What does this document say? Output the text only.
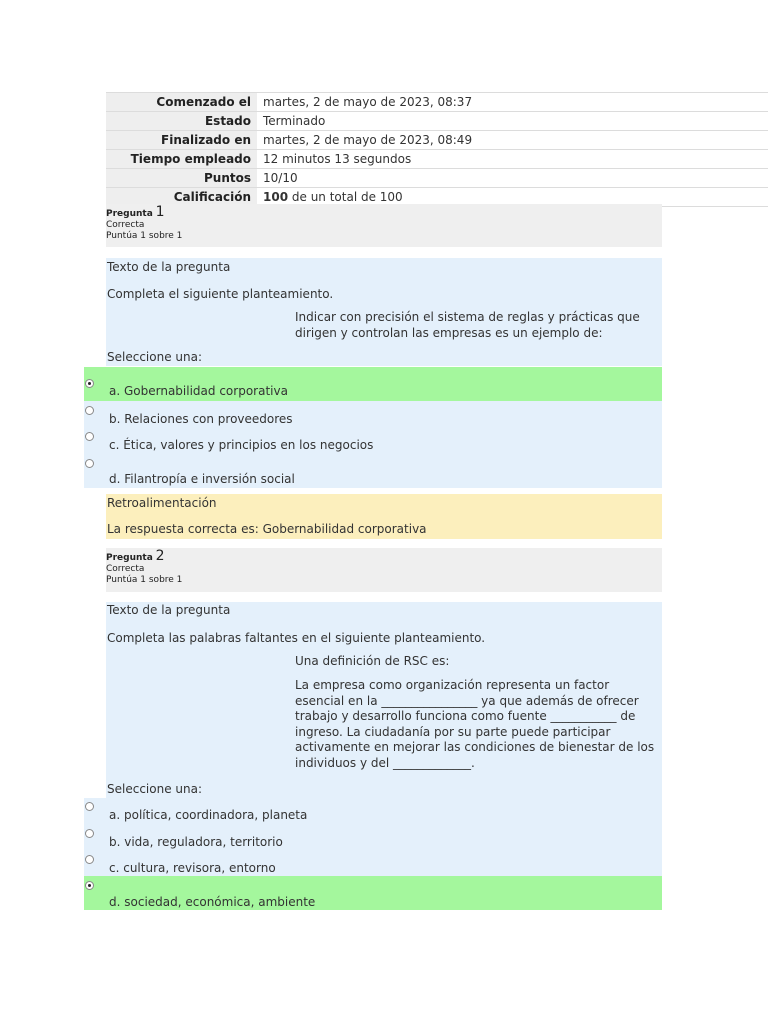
Comenzado el	martes, 2 de mayo de 2023, 08:37
Estado	Terminado
Finalizado en	martes, 2 de mayo de 2023, 08:49
Tiempo empleado	12 minutos 13 segundos
Puntos	10/10
Calificación	100 de un total de 100
Pregunta 1
Correcta
Puntúa 1 sobre 1
Texto de la pregunta
Completa el siguiente planteamiento.
Indicar con precisión el sistema de reglas y prácticas que dirigen y controlan las empresas es un ejemplo de:
Seleccione una:
a. Gobernabilidad corporativa
b. Relaciones con proveedores
c. Ética, valores y principios en los negocios
d. Filantropía e inversión social
Retroalimentación
La respuesta correcta es: Gobernabilidad corporativa
Pregunta 2
Correcta
Puntúa 1 sobre 1
Texto de la pregunta
Completa las palabras faltantes en el siguiente planteamiento.
Una definición de RSC es:
La empresa como organización representa un factor esencial en la ________________ ya que además de ofrecer trabajo y desarrollo funciona como fuente ___________ de ingreso. La ciudadanía por su parte puede participar activamente en mejorar las condiciones de bienestar de los individuos y del _____________.
Seleccione una:
a. política, coordinadora, planeta
b. vida, reguladora, territorio
c. cultura, revisora, entorno
d. sociedad, económica, ambiente
